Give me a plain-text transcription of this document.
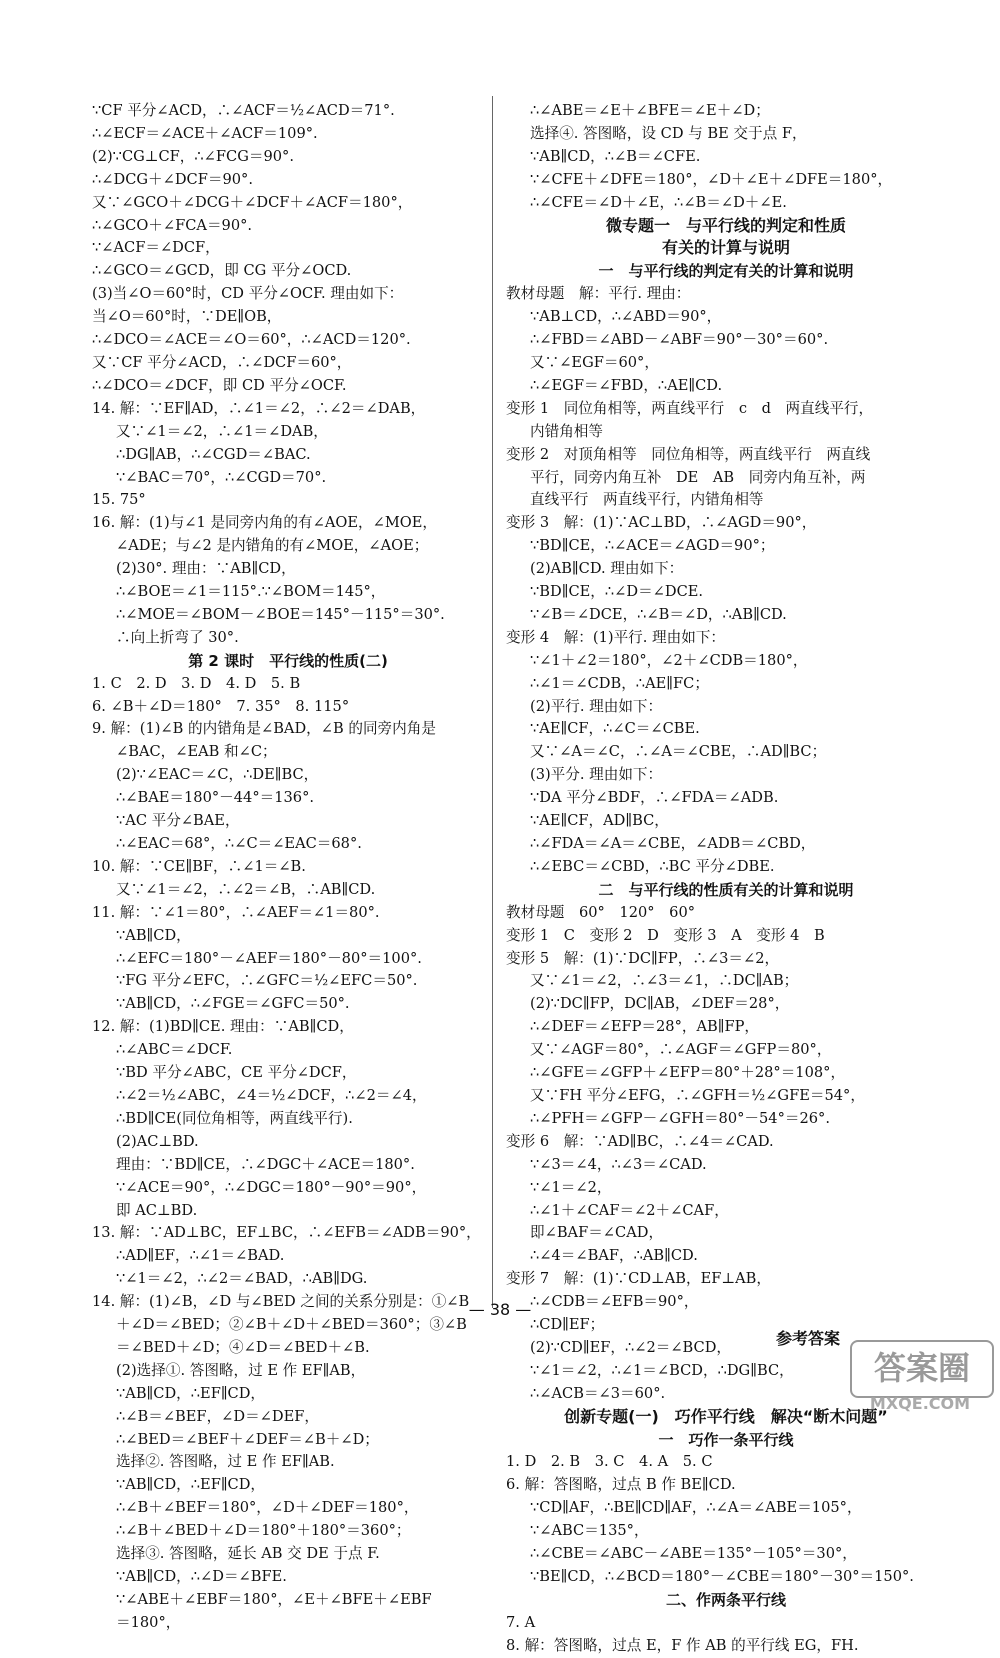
∵CF 平分∠ACD，∴∠ACF＝½∠ACD＝71°.
∴∠ECF＝∠ACE＋∠ACF＝109°.
(2)∵CG⊥CF，∴∠FCG＝90°.
∴∠DCG＋∠DCF＝90°.
又∵∠GCO＋∠DCG＋∠DCF＋∠ACF＝180°，
∴∠GCO＋∠FCA＝90°.
∵∠ACF＝∠DCF，
∴∠GCO＝∠GCD，即 CG 平分∠OCD.
(3)当∠O＝60°时，CD 平分∠OCF. 理由如下：
当∠O＝60°时，∵DE∥OB，
∴∠DCO＝∠ACE＝∠O＝60°，∴∠ACD＝120°.
又∵CF 平分∠ACD，∴∠DCF＝60°，
∴∠DCO＝∠DCF，即 CD 平分∠OCF.
14. 解：∵EF∥AD，∴∠1＝∠2，∴∠2＝∠DAB，
又∵∠1＝∠2，∴∠1＝∠DAB，
∴DG∥AB，∴∠CGD＝∠BAC.
∵∠BAC＝70°，∴∠CGD＝70°.
15. 75°
16. 解：(1)与∠1 是同旁内角的有∠AOE，∠MOE，
∠ADE；与∠2 是内错角的有∠MOE，∠AOE；
(2)30°. 理由：∵AB∥CD，
∴∠BOE＝∠1＝115°.∵∠BOM＝145°，
∴∠MOE＝∠BOM－∠BOE＝145°－115°＝30°.
∴向上折弯了 30°.
第 2 课时　平行线的性质(二)
1. C　2. D　3. D　4. D　5. B
6. ∠B＋∠D＝180°　7. 35°　8. 115°
9. 解：(1)∠B 的内错角是∠BAD，∠B 的同旁内角是
∠BAC，∠EAB 和∠C；
(2)∵∠EAC＝∠C，∴DE∥BC，
∴∠BAE＝180°－44°＝136°.
∵AC 平分∠BAE，
∴∠EAC＝68°，∴∠C＝∠EAC＝68°.
10. 解：∵CE∥BF，∴∠1＝∠B.
又∵∠1＝∠2，∴∠2＝∠B，∴AB∥CD.
11. 解：∵∠1＝80°，∴∠AEF＝∠1＝80°.
∵AB∥CD，
∴∠EFC＝180°－∠AEF＝180°－80°＝100°.
∵FG 平分∠EFC，∴∠GFC＝½∠EFC＝50°.
∵AB∥CD，∴∠FGE＝∠GFC＝50°.
12. 解：(1)BD∥CE. 理由：∵AB∥CD，
∴∠ABC＝∠DCF.
∵BD 平分∠ABC，CE 平分∠DCF，
∴∠2＝½∠ABC，∠4＝½∠DCF，∴∠2＝∠4，
∴BD∥CE(同位角相等，两直线平行).
(2)AC⊥BD.
理由：∵BD∥CE，∴∠DGC＋∠ACE＝180°.
∵∠ACE＝90°，∴∠DGC＝180°－90°＝90°，
即 AC⊥BD.
13. 解：∵AD⊥BC，EF⊥BC，∴∠EFB＝∠ADB＝90°，
∴AD∥EF，∴∠1＝∠BAD.
∵∠1＝∠2，∴∠2＝∠BAD，∴AB∥DG.
14. 解：(1)∠B，∠D 与∠BED 之间的关系分别是：①∠B
＋∠D＝∠BED；②∠B＋∠D＋∠BED＝360°；③∠B
＝∠BED＋∠D；④∠D＝∠BED＋∠B.
(2)选择①. 答图略，过 E 作 EF∥AB，
∵AB∥CD，∴EF∥CD，
∴∠B＝∠BEF，∠D＝∠DEF，
∴∠BED＝∠BEF＋∠DEF＝∠B＋∠D；
选择②. 答图略，过 E 作 EF∥AB.
∵AB∥CD，∴EF∥CD，
∴∠B＋∠BEF＝180°，∠D＋∠DEF＝180°，
∴∠B＋∠BED＋∠D＝180°＋180°＝360°；
选择③. 答图略，延长 AB 交 DE 于点 F.
∵AB∥CD，∴∠D＝∠BFE.
∵∠ABE＋∠EBF＝180°，∠E＋∠BFE＋∠EBF
＝180°，
∴∠ABE＝∠E＋∠BFE＝∠E＋∠D；
选择④. 答图略，设 CD 与 BE 交于点 F，
∵AB∥CD，∴∠B＝∠CFE.
∵∠CFE＋∠DFE＝180°，∠D＋∠E＋∠DFE＝180°，
∴∠CFE＝∠D＋∠E，∴∠B＝∠D＋∠E.
微专题一　与平行线的判定和性质
有关的计算与说明
一　与平行线的判定有关的计算和说明
教材母题　解：平行. 理由：
∵AB⊥CD，∴∠ABD＝90°，
∴∠FBD＝∠ABD－∠ABF＝90°－30°＝60°.
又∵∠EGF＝60°，
∴∠EGF＝∠FBD，∴AE∥CD.
变形 1　同位角相等，两直线平行　c　d　两直线平行，
内错角相等
变形 2　对顶角相等　同位角相等，两直线平行　两直线
平行，同旁内角互补　DE　AB　同旁内角互补，两
直线平行　两直线平行，内错角相等
变形 3　解：(1)∵AC⊥BD，∴∠AGD＝90°，
∵BD∥CE，∴∠ACE＝∠AGD＝90°；
(2)AB∥CD. 理由如下：
∵BD∥CE，∴∠D＝∠DCE.
∵∠B＝∠DCE，∴∠B＝∠D，∴AB∥CD.
变形 4　解：(1)平行. 理由如下：
∵∠1＋∠2＝180°，∠2＋∠CDB＝180°，
∴∠1＝∠CDB，∴AE∥FC；
(2)平行. 理由如下：
∵AE∥CF，∴∠C＝∠CBE.
又∵∠A＝∠C，∴∠A＝∠CBE，∴AD∥BC；
(3)平分. 理由如下：
∵DA 平分∠BDF，∴∠FDA＝∠ADB.
∵AE∥CF，AD∥BC，
∴∠FDA＝∠A＝∠CBE，∠ADB＝∠CBD，
∴∠EBC＝∠CBD，∴BC 平分∠DBE.
二　与平行线的性质有关的计算和说明
教材母题　60°　120°　60°
变形 1　C　变形 2　D　变形 3　A　变形 4　B
变形 5　解：(1)∵DC∥FP，∴∠3＝∠2，
又∵∠1＝∠2，∴∠3＝∠1，∴DC∥AB；
(2)∵DC∥FP，DC∥AB，∠DEF＝28°，
∴∠DEF＝∠EFP＝28°，AB∥FP，
又∵∠AGF＝80°，∴∠AGF＝∠GFP＝80°，
∴∠GFE＝∠GFP＋∠EFP＝80°＋28°＝108°，
又∵FH 平分∠EFG，∴∠GFH＝½∠GFE＝54°，
∴∠PFH＝∠GFP－∠GFH＝80°－54°＝26°.
变形 6　解：∵AD∥BC，∴∠4＝∠CAD.
∵∠3＝∠4，∴∠3＝∠CAD.
∵∠1＝∠2，
∴∠1＋∠CAF＝∠2＋∠CAF，
即∠BAF＝∠CAD，
∴∠4＝∠BAF，∴AB∥CD.
变形 7　解：(1)∵CD⊥AB，EF⊥AB，
∴∠CDB＝∠EFB＝90°，
∴CD∥EF；
(2)∵CD∥EF，∴∠2＝∠BCD，
∵∠1＝∠2，∴∠1＝∠BCD，∴DG∥BC，
∴∠ACB＝∠3＝60°.
创新专题(一)　巧作平行线　解决“断木问题”
一　巧作一条平行线
1. D　2. B　3. C　4. A　5. C
6. 解：答图略，过点 B 作 BE∥CD.
∵CD∥AF，∴BE∥CD∥AF，∴∠A＝∠ABE＝105°，
∵∠ABC＝135°，
∴∠CBE＝∠ABC－∠ABE＝135°－105°＝30°，
∵BE∥CD，∴∠BCD＝180°－∠CBE＝180°－30°＝150°.
二、作两条平行线
7. A
8. 解：答图略，过点 E，F 作 AB 的平行线 EG，FH.
— 38 —
参考答案
答案圈
MXQE.COM
